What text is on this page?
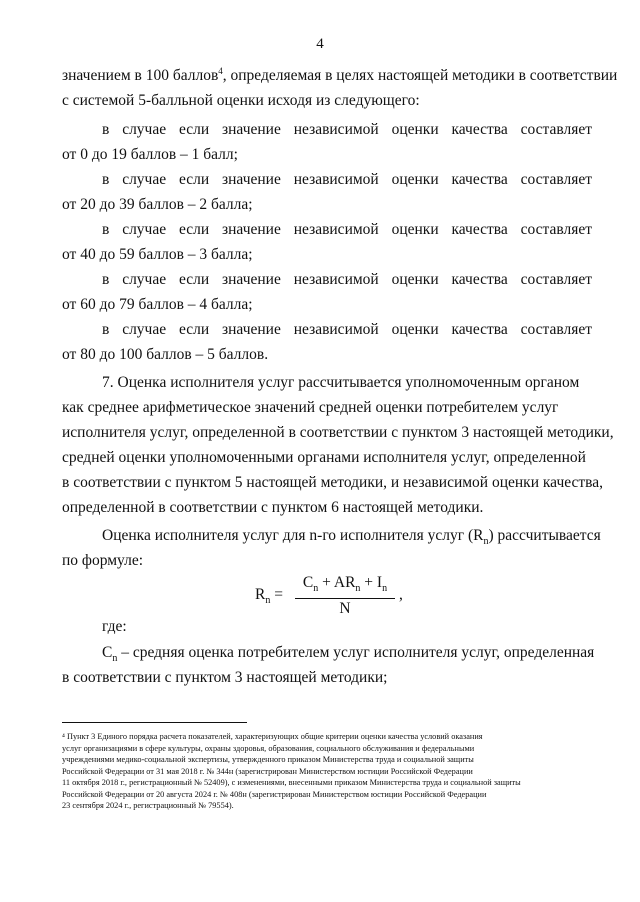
4
значением в 100 баллов$^4$, определяемая в целях настоящей методики в соответствии
с системой 5-балльной оценки исходя из следующего:
в случае если значение независимой оценки качества составляет
от 0 до 19 баллов – 1 балл;
в случае если значение независимой оценки качества составляет
от 20 до 39 баллов – 2 балла;
в случае если значение независимой оценки качества составляет
от 40 до 59 баллов – 3 балла;
в случае если значение независимой оценки качества составляет
от 60 до 79 баллов – 4 балла;
в случае если значение независимой оценки качества составляет
от 80 до 100 баллов – 5 баллов.
7. Оценка исполнителя услуг рассчитывается уполномоченным органом
как среднее арифметическое значений средней оценки потребителем услуг
исполнителя услуг, определенной в соответствии с пунктом 3 настоящей методики,
средней оценки уполномоченными органами исполнителя услуг, определенной
в соответствии с пунктом 5 настоящей методики, и независимой оценки качества,
определенной в соответствии с пунктом 6 настоящей методики.
Оценка исполнителя услуг для n-го исполнителя услуг $(R_n)$ рассчитывается
по формуле:
$R_n$ =
$C_n + AR_n + I_n$
N
,
где:
$C_n$ – средняя оценка потребителем услуг исполнителя услуг, определенная
в соответствии с пунктом 3 настоящей методики;
⁴ Пункт 3 Единого порядка расчета показателей, характеризующих общие критерии оценки качества условий оказания
услуг организациями в сфере культуры, охраны здоровья, образования, социального обслуживания и федеральными
учреждениями медико-социальной экспертизы, утвержденного приказом Министерства труда и социальной защиты
Российской Федерации от 31 мая 2018 г. № 344н (зарегистрирован Министерством юстиции Российской Федерации
11 октября 2018 г., регистрационный № 52409), с изменениями, внесенными приказом Министерства труда и социальной защиты
Российской Федерации от 20 августа 2024 г. № 408н (зарегистрирован Министерством юстиции Российской Федерации
23 сентября 2024 г., регистрационный № 79554).
